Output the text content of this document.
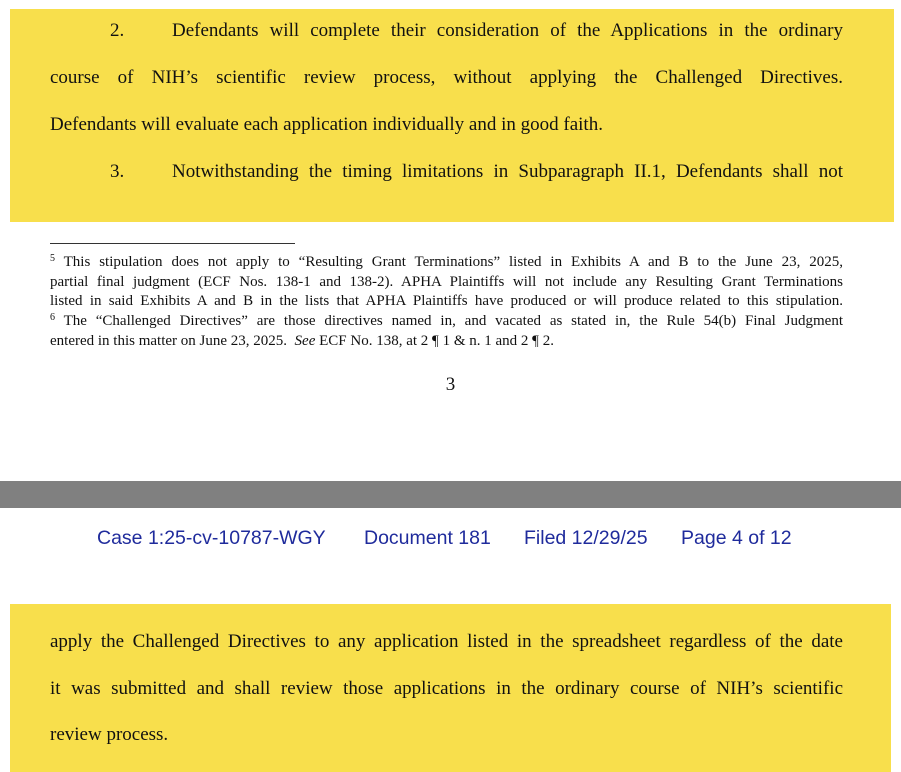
2.	Defendants will complete their consideration of the Applications in the ordinary
course of NIH’s scientific review process, without applying the Challenged Directives.
Defendants will evaluate each application individually and in good faith.
3.	Notwithstanding the timing limitations in Subparagraph II.1, Defendants shall not
$^5$ This stipulation does not apply to “Resulting Grant Terminations” listed in Exhibits A and B to the June 23, 2025,
partial final judgment (ECF Nos. 138-1 and 138-2). APHA Plaintiffs will not include any Resulting Grant Terminations
listed in said Exhibits A and B in the lists that APHA Plaintiffs have produced or will produce related to this stipulation.
$^6$ The “Challenged Directives” are those directives named in, and vacated as stated in, the Rule 54(b) Final Judgment
entered in this matter on June 23, 2025. See ECF No. 138, at 2 ¶ 1 & n. 1 and 2 ¶ 2.
3
Case 1:25-cv-10787-WGY Document 181 Filed 12/29/25 Page 4 of 12
apply the Challenged Directives to any application listed in the spreadsheet regardless of the date
it was submitted and shall review those applications in the ordinary course of NIH’s scientific
review process.
